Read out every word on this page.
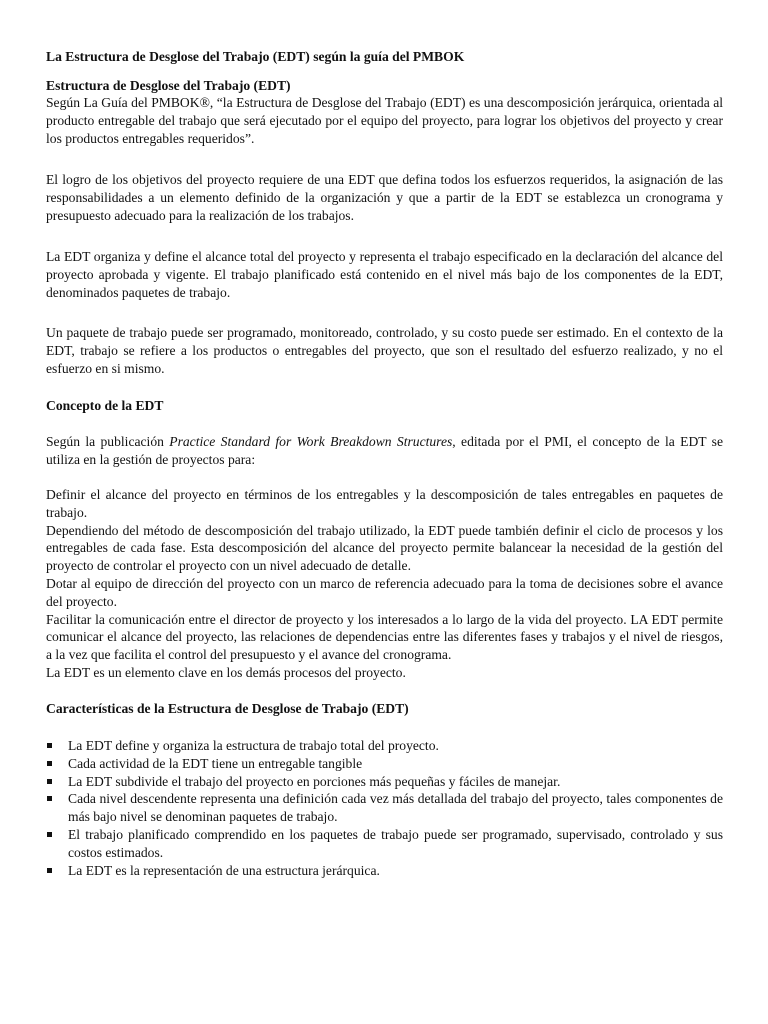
La Estructura de Desglose del Trabajo (EDT) según la guía del PMBOK

Estructura de Desglose del Trabajo (EDT)

Según La Guía del PMBOK®, “la Estructura de Desglose del Trabajo (EDT) es una descomposición jerárquica, orientada al producto entregable del trabajo que será ejecutado por el equipo del proyecto, para lograr los objetivos del proyecto y crear los productos entregables requeridos”.

El logro de los objetivos del proyecto requiere de una EDT que defina todos los esfuerzos requeridos, la asignación de las responsabilidades a un elemento definido de la organización y que a partir de la EDT se establezca un cronograma y presupuesto adecuado para la realización de los trabajos.

La EDT organiza y define el alcance total del proyecto y representa el trabajo especificado en la declaración del alcance del proyecto aprobada y vigente. El trabajo planificado está contenido en el nivel más bajo de los componentes de la EDT, denominados paquetes de trabajo.

Un paquete de trabajo puede ser programado, monitoreado, controlado, y su costo puede ser estimado. En el contexto de la EDT, trabajo se refiere a los productos o entregables del proyecto, que son el resultado del esfuerzo realizado, y no el esfuerzo en si mismo.

Concepto de la EDT

Según la publicación Practice Standard for Work Breakdown Structures, editada por el PMI, el concepto de la EDT se utiliza en la gestión de proyectos para:

Definir el alcance del proyecto en términos de los entregables y la descomposición de tales entregables en paquetes de trabajo.
Dependiendo del método de descomposición del trabajo utilizado, la EDT puede también definir el ciclo de procesos y los entregables de cada fase. Esta descomposición del alcance del proyecto permite balancear la necesidad de la gestión del proyecto de controlar el proyecto con un nivel adecuado de detalle.
Dotar al equipo de dirección del proyecto con un marco de referencia adecuado para la toma de decisiones sobre el avance del proyecto.
Facilitar la comunicación entre el director de proyecto y los interesados a lo largo de la vida del proyecto. LA EDT permite comunicar el alcance del proyecto, las relaciones de dependencias entre las diferentes fases y trabajos y el nivel de riesgos, a la vez que facilita el control del presupuesto y el avance del cronograma.
La EDT es un elemento clave en los demás procesos del proyecto.

Características de la Estructura de Desglose de Trabajo (EDT)

La EDT define y organiza la estructura de trabajo total del proyecto.
Cada actividad de la EDT tiene un entregable tangible
La EDT subdivide el trabajo del proyecto en porciones más pequeñas y fáciles de manejar.
Cada nivel descendente representa una definición cada vez más detallada del trabajo del proyecto, tales componentes de más bajo nivel se denominan paquetes de trabajo.
El trabajo planificado comprendido en los paquetes de trabajo puede ser programado, supervisado, controlado y sus costos estimados.
La EDT es la representación de una estructura jerárquica.
